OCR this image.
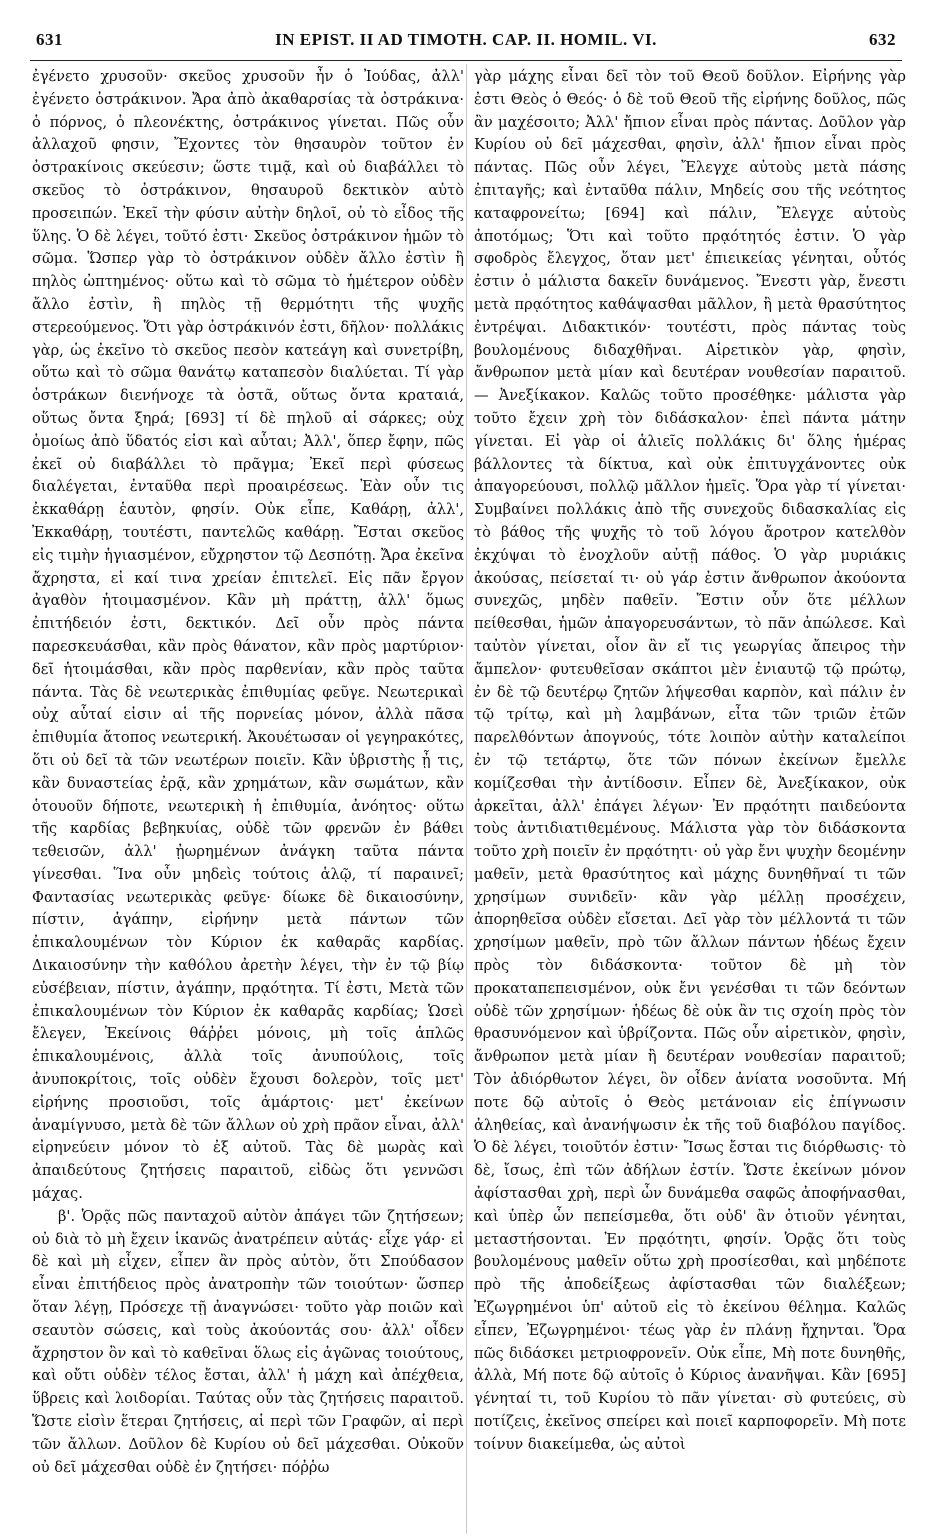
631	IN EPIST. II AD TIMOTH. CAP. II. HOMIL. VI.	632

ἐγένετο χρυσοῦν· σκεῦος χρυσοῦν ἦν ὁ Ἰούδας, ἀλλ' ἐγένετο ὀστράκινον. Ἄρα ἀπὸ ἀκαθαρσίας τὰ ὀστράκινα· ὁ πόρνος, ὁ πλεονέκτης, ὀστράκινος γίνεται. Πῶς οὖν ἀλλαχοῦ φησιν, Ἔχοντες τὸν θησαυρὸν τοῦτον ἐν ὀστρακίνοις σκεύεσιν; ὥστε τιμᾷ, καὶ οὐ διαβάλλει τὸ σκεῦος τὸ ὀστράκινον, θησαυροῦ δεκτικὸν αὐτὸ προσειπών. Ἐκεῖ τὴν φύσιν αὐτὴν δηλοῖ, οὐ τὸ εἶδος τῆς ὕλης. Ὁ δὲ λέγει, τοῦτό ἐστι· Σκεῦος ὀστράκινον ἡμῶν τὸ σῶμα. Ὥσπερ γὰρ τὸ ὀστράκινον οὐδὲν ἄλλο ἐστὶν ἢ πηλὸς ὠπτημένος· οὕτω καὶ τὸ σῶμα τὸ ἡμέτερον οὐδὲν ἄλλο ἐστὶν, ἢ πηλὸς τῇ θερμότητι τῆς ψυχῆς στερεούμενος. Ὅτι γὰρ ὀστράκινόν ἐστι, δῆλον· πολλάκις γὰρ, ὡς ἐκεῖνο τὸ σκεῦος πεσὸν κατεάγη καὶ συνετρίβη, οὕτω καὶ τὸ σῶμα θανάτῳ καταπεσὸν διαλύεται. Τί γὰρ ὀστράκων διενήνοχε τὰ ὀστᾶ, οὕτως ὄντα κραταιά, οὕτως ὄντα ξηρά; [693] τί δὲ πηλοῦ αἱ σάρκες; οὐχ ὁμοίως ἀπὸ ὕδατός εἰσι καὶ αὗται; Ἀλλ', ὅπερ ἔφην, πῶς ἐκεῖ οὐ διαβάλλει τὸ πρᾶγμα; Ἐκεῖ περὶ φύσεως διαλέγεται, ἐνταῦθα περὶ προαιρέσεως. Ἐὰν οὖν τις ἐκκαθάρῃ ἑαυτὸν, φησίν. Οὐκ εἶπε, Καθάρῃ, ἀλλ', Ἐκκαθάρῃ, τουτέστι, παντελῶς καθάρῃ. Ἔσται σκεῦος εἰς τιμὴν ἡγιασμένον, εὔχρηστον τῷ Δεσπότῃ. Ἄρα ἐκεῖνα ἄχρηστα, εἰ καί τινα χρείαν ἐπιτελεῖ. Εἰς πᾶν ἔργον ἀγαθὸν ἡτοιμασμένον. Κἂν μὴ πράττῃ, ἀλλ' ὅμως ἐπιτήδειόν ἐστι, δεκτικόν. Δεῖ οὖν πρὸς πάντα παρεσκευάσθαι, κἂν πρὸς θάνατον, κἂν πρὸς μαρτύριον· δεῖ ἡτοιμάσθαι, κἂν πρὸς παρθενίαν, κἂν πρὸς ταῦτα πάντα. Τὰς δὲ νεωτερικὰς ἐπιθυμίας φεῦγε. Νεωτερικαὶ οὐχ αὗταί εἰσιν αἱ τῆς πορνείας μόνον, ἀλλὰ πᾶσα ἐπιθυμία ἄτοπος νεωτερική. Ἀκουέτωσαν οἱ γεγηρακότες, ὅτι οὐ δεῖ τὰ τῶν νεωτέρων ποιεῖν. Κἂν ὑβριστὴς ᾖ τις, κἂν δυναστείας ἐρᾷ, κἂν χρημάτων, κἂν σωμάτων, κἂν ὁτουοῦν δήποτε, νεωτερικὴ ἡ ἐπιθυμία, ἀνόητος· οὕτω τῆς καρδίας βεβηκυίας, οὐδὲ τῶν φρενῶν ἐν βάθει τεθεισῶν, ἀλλ' ᾐωρημένων ἀνάγκη ταῦτα πάντα γίνεσθαι. Ἵνα οὖν μηδεὶς τούτοις ἁλῷ, τί παραινεῖ; Φαντασίας νεωτερικὰς φεῦγε· δίωκε δὲ δικαιοσύνην, πίστιν, ἀγάπην, εἰρήνην μετὰ πάντων τῶν ἐπικαλουμένων τὸν Κύριον ἐκ καθαρᾶς καρδίας. Δικαιοσύνην τὴν καθόλου ἀρετὴν λέγει, τὴν ἐν τῷ βίῳ εὐσέβειαν, πίστιν, ἀγάπην, πρᾳότητα. Τί ἐστι, Μετὰ τῶν ἐπικαλουμένων τὸν Κύριον ἐκ καθαρᾶς καρδίας; Ὡσεὶ ἔλεγεν, Ἐκείνοις θάῤῥει μόνοις, μὴ τοῖς ἁπλῶς ἐπικαλουμένοις, ἀλλὰ τοῖς ἀνυπούλοις, τοῖς ἀνυποκρίτοις, τοῖς οὐδὲν ἔχουσι δολερὸν, τοῖς μετ' εἰρήνης προσιοῦσι, τοῖς ἁμάρτοις· μετ' ἐκείνων ἀναμίγνυσο, μετὰ δὲ τῶν ἄλλων οὐ χρὴ πρᾶον εἶναι, ἀλλ' εἰρηνεύειν μόνον τὸ ἐξ αὐτοῦ. Τὰς δὲ μωρὰς καὶ ἀπαιδεύτους ζητήσεις παραιτοῦ, εἰδὼς ὅτι γεννῶσι μάχας.

β'. Ὁρᾷς πῶς πανταχοῦ αὐτὸν ἀπάγει τῶν ζητήσεων; οὐ διὰ τὸ μὴ ἔχειν ἱκανῶς ἀνατρέπειν αὐτάς· εἶχε γάρ· εἰ δὲ καὶ μὴ εἶχεν, εἶπεν ἂν πρὸς αὐτὸν, ὅτι Σπούδασον εἶναι ἐπιτήδειος πρὸς ἀνατροπὴν τῶν τοιούτων· ὥσπερ ὅταν λέγῃ, Πρόσεχε τῇ ἀναγνώσει· τοῦτο γὰρ ποιῶν καὶ σεαυτὸν σώσεις, καὶ τοὺς ἀκούοντάς σου· ἀλλ' οἶδεν ἄχρηστον ὂν καὶ τὸ καθεῖναι ὅλως εἰς ἀγῶνας τοιούτους, καὶ οὔτι οὐδὲν τέλος ἔσται, ἀλλ' ἡ μάχη καὶ ἀπέχθεια, ὕβρεις καὶ λοιδορίαι. Ταύτας οὖν τὰς ζητήσεις παραιτοῦ. Ὥστε εἰσὶν ἕτεραι ζητήσεις, αἱ περὶ τῶν Γραφῶν, αἱ περὶ τῶν ἄλλων. Δοῦλον δὲ Κυρίου οὐ δεῖ μάχεσθαι. Οὐκοῦν οὐ δεῖ μάχεσθαι οὐδὲ ἐν ζητήσει· πόῤῥω

γὰρ μάχης εἶναι δεῖ τὸν τοῦ Θεοῦ δοῦλον. Εἰρήνης γὰρ ἐστι Θεὸς ὁ Θεός· ὁ δὲ τοῦ Θεοῦ τῆς εἰρήνης δοῦλος, πῶς ἂν μαχέσοιτο; Ἀλλ' ἤπιον εἶναι πρὸς πάντας. Δοῦλον γὰρ Κυρίου οὐ δεῖ μάχεσθαι, φησὶν, ἀλλ' ἤπιον εἶναι πρὸς πάντας. Πῶς οὖν λέγει, Ἔλεγχε αὐτοὺς μετὰ πάσης ἐπιταγῆς; καὶ ἐνταῦθα πάλιν, Μηδείς σου τῆς νεότητος καταφρονείτω; [694] καὶ πάλιν, Ἔλεγχε αὐτοὺς ἀποτόμως; Ὅτι καὶ τοῦτο πρᾳότητός ἐστιν. Ὁ γὰρ σφοδρὸς ἔλεγχος, ὅταν μετ' ἐπιεικείας γένηται, οὗτός ἐστιν ὁ μάλιστα δακεῖν δυνάμενος. Ἔνεστι γὰρ, ἔνεστι μετὰ πρᾳότητος καθάψασθαι μᾶλλον, ἢ μετὰ θρασύτητος ἐντρέψαι. Διδακτικόν· τουτέστι, πρὸς πάντας τοὺς βουλομένους διδαχθῆναι. Αἱρετικὸν γὰρ, φησὶν, ἄνθρωπον μετὰ μίαν καὶ δευτέραν νουθεσίαν παραιτοῦ. — Ἀνεξίκακον. Καλῶς τοῦτο προσέθηκε· μάλιστα γὰρ τοῦτο ἔχειν χρὴ τὸν διδάσκαλον· ἐπεὶ πάντα μάτην γίνεται. Εἰ γὰρ οἱ ἁλιεῖς πολλάκις δι' ὅλης ἡμέρας βάλλοντες τὰ δίκτυα, καὶ οὐκ ἐπιτυγχάνοντες οὐκ ἀπαγορεύουσι, πολλῷ μᾶλλον ἡμεῖς. Ὅρα γὰρ τί γίνεται· Συμβαίνει πολλάκις ἀπὸ τῆς συνεχοῦς διδασκαλίας εἰς τὸ βάθος τῆς ψυχῆς τὸ τοῦ λόγου ἄροτρον κατελθὸν ἐκχύψαι τὸ ἐνοχλοῦν αὐτῇ πάθος. Ὁ γὰρ μυριάκις ἀκούσας, πείσεταί τι· οὐ γάρ ἐστιν ἄνθρωπον ἀκούοντα συνεχῶς, μηδὲν παθεῖν. Ἔστιν οὖν ὅτε μέλλων πείθεσθαι, ἡμῶν ἀπαγορευσάντων, τὸ πᾶν ἀπώλεσε. Καὶ ταὐτὸν γίνεται, οἷον ἂν εἴ τις γεωργίας ἄπειρος τὴν ἄμπελον· φυτευθεῖσαν σκάπτοι μὲν ἐνιαυτῷ τῷ πρώτῳ, ἐν δὲ τῷ δευτέρῳ ζητῶν λήψεσθαι καρπὸν, καὶ πάλιν ἐν τῷ τρίτῳ, καὶ μὴ λαμβάνων, εἶτα τῶν τριῶν ἐτῶν παρελθόντων ἀπογνούς, τότε λοιπὸν αὐτὴν καταλείποι ἐν τῷ τετάρτῳ, ὅτε τῶν πόνων ἐκείνων ἔμελλε κομίζεσθαι τὴν ἀντίδοσιν. Εἶπεν δὲ, Ἀνεξίκακον, οὐκ ἀρκεῖται, ἀλλ' ἐπάγει λέγων· Ἐν πρᾳότητι παιδεύοντα τοὺς ἀντιδιατιθεμένους. Μάλιστα γὰρ τὸν διδάσκοντα τοῦτο χρὴ ποιεῖν ἐν πρᾳότητι· οὐ γὰρ ἔνι ψυχὴν δεομένην μαθεῖν, μετὰ θρασύτητος καὶ μάχης δυνηθῆναί τι τῶν χρησίμων συνιδεῖν· κἂν γὰρ μέλλῃ προσέχειν, ἀπορηθεῖσα οὐδὲν εἴσεται. Δεῖ γὰρ τὸν μέλλοντά τι τῶν χρησίμων μαθεῖν, πρὸ τῶν ἄλλων πάντων ἡδέως ἔχειν πρὸς τὸν διδάσκοντα· τοῦτον δὲ μὴ τὸν προκαταπεπεισμένον, οὐκ ἔνι γενέσθαι τι τῶν δεόντων οὐδὲ τῶν χρησίμων· ἡδέως δὲ οὐκ ἂν τις σχοίη πρὸς τὸν θρασυνόμενον καὶ ὑβρίζοντα. Πῶς οὖν αἱρετικὸν, φησὶν, ἄνθρωπον μετὰ μίαν ἢ δευτέραν νουθεσίαν παραιτοῦ; Τὸν ἀδιόρθωτον λέγει, ὃν οἶδεν ἀνίατα νοσοῦντα. Μή ποτε δῷ αὐτοῖς ὁ Θεὸς μετάνοιαν εἰς ἐπίγνωσιν ἀληθείας, καὶ ἀνανήψωσιν ἐκ τῆς τοῦ διαβόλου παγίδος. Ὁ δὲ λέγει, τοιοῦτόν ἐστιν· Ἴσως ἔσται τις διόρθωσις· τὸ δὲ, ἴσως, ἐπὶ τῶν ἀδήλων ἐστίν. Ὥστε ἐκείνων μόνον ἀφίστασθαι χρὴ, περὶ ὧν δυνάμεθα σαφῶς ἀποφήνασθαι, καὶ ὑπὲρ ὧν πεπείσμεθα, ὅτι οὐδ' ἂν ὁτιοῦν γένηται, μεταστήσονται. Ἐν πρᾳότητι, φησίν. Ὁρᾷς ὅτι τοὺς βουλομένους μαθεῖν οὕτω χρὴ προσίεσθαι, καὶ μηδέποτε πρὸ τῆς ἀποδείξεως ἀφίστασθαι τῶν διαλέξεων; Ἐζωγρημένοι ὑπ' αὐτοῦ εἰς τὸ ἐκείνου θέλημα. Καλῶς εἶπεν, Ἐζωγρημένοι· τέως γὰρ ἐν πλάνῃ ἤχηνται. Ὅρα πῶς διδάσκει μετριοφρονεῖν. Οὐκ εἶπε, Μὴ ποτε δυνηθῆς, ἀλλὰ, Μή ποτε δῷ αὐτοῖς ὁ Κύριος ἀνανῆψαι. Κἂν [695] γένηταί τι, τοῦ Κυρίου τὸ πᾶν γίνεται· σὺ φυτεύεις, σὺ ποτίζεις, ἐκεῖνος σπείρει καὶ ποιεῖ καρποφορεῖν. Μὴ ποτε τοίνυν διακείμεθα, ὡς αὐτοὶ
